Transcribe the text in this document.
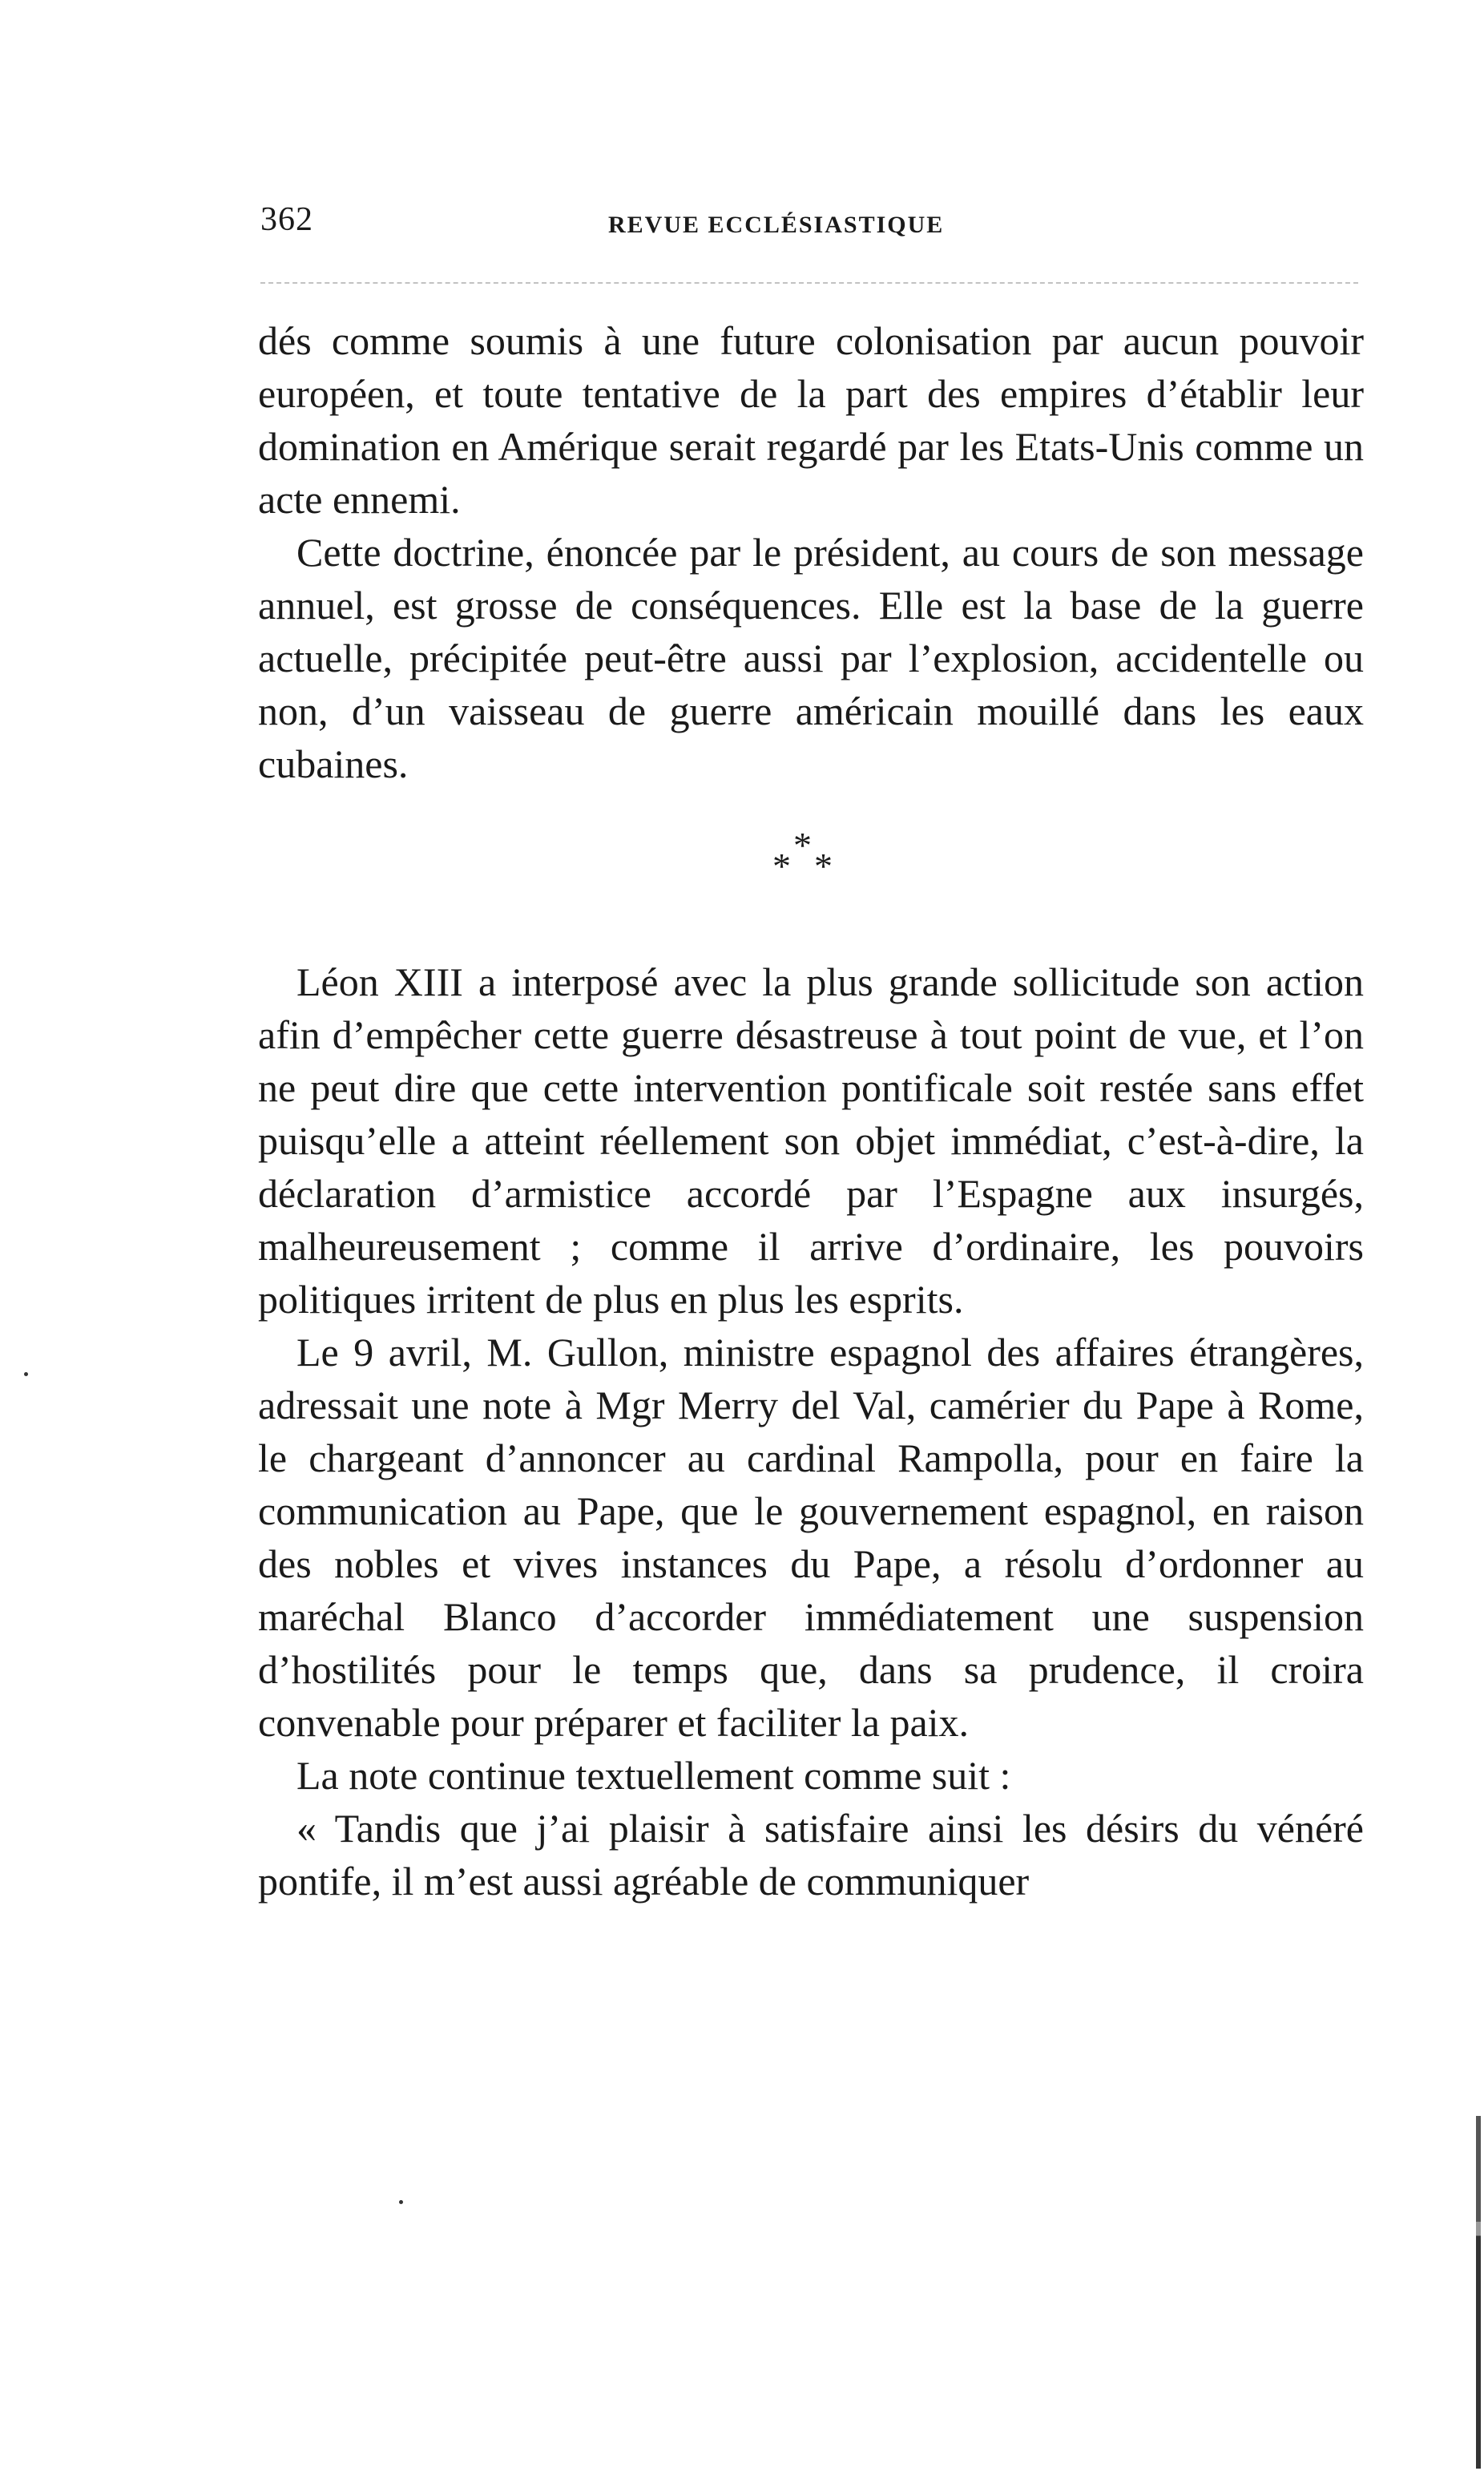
362	REVUE ECCLÉSIASTIQUE

dés comme soumis à une future colonisation par aucun pouvoir européen, et toute tentative de la part des empires d’établir leur domination en Amérique serait regardé par les Etats-Unis comme un acte ennemi.

Cette doctrine, énoncée par le président, au cours de son message annuel, est grosse de conséquences. Elle est la base de la guerre actuelle, précipitée peut-être aussi par l’explosion, accidentelle ou non, d’un vaisseau de guerre américain mouillé dans les eaux cubaines.

*
* *

Léon XIII a interposé avec la plus grande sollicitude son action afin d’empêcher cette guerre désastreuse à tout point de vue, et l’on ne peut dire que cette intervention pontificale soit restée sans effet puisqu’elle a atteint réellement son objet immédiat, c’est-à-dire, la déclaration d’armistice accordé par l’Espagne aux insurgés, malheureusement ; comme il arrive d’ordinaire, les pouvoirs politiques irritent de plus en plus les esprits.

Le 9 avril, M. Gullon, ministre espagnol des affaires étrangères, adressait une note à Mgr Merry del Val, camérier du Pape à Rome, le chargeant d’annoncer au cardinal Rampolla, pour en faire la communication au Pape, que le gouvernement espagnol, en raison des nobles et vives instances du Pape, a résolu d’ordonner au maréchal Blanco d’accorder immédiatement une suspension d’hostilités pour le temps que, dans sa prudence, il croira convenable pour préparer et faciliter la paix.

La note continue textuellement comme suit :

« Tandis que j’ai plaisir à satisfaire ainsi les désirs du vénéré pontife, il m’est aussi agréable de communiquer
